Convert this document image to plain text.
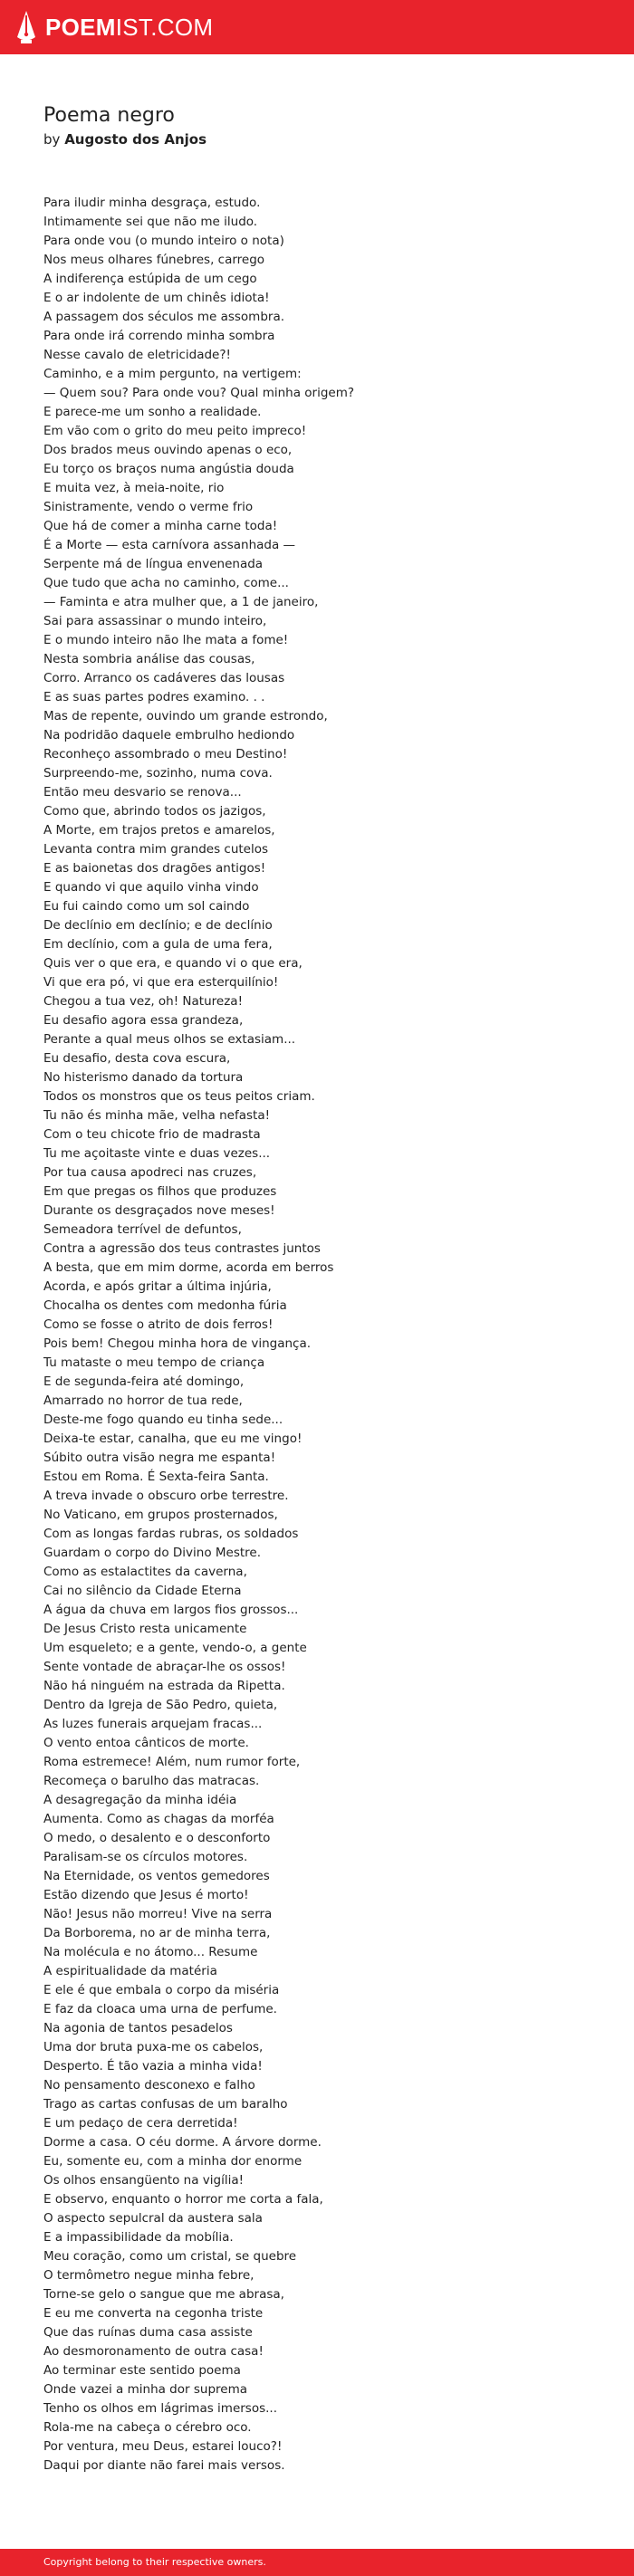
POEMIST.COM
Poema negro

by Augosto dos Anjos

Para iludir minha desgraça, estudo.
Intimamente sei que não me iludo.
Para onde vou (o mundo inteiro o nota)
Nos meus olhares fúnebres, carrego
A indiferença estúpida de um cego
E o ar indolente de um chinês idiota!
A passagem dos séculos me assombra.
Para onde irá correndo minha sombra
Nesse cavalo de eletricidade?!
Caminho, e a mim pergunto, na vertigem:
— Quem sou? Para onde vou? Qual minha origem?
E parece-me um sonho a realidade.
Em vão com o grito do meu peito impreco!
Dos brados meus ouvindo apenas o eco,
Eu torço os braços numa angústia douda
E muita vez, à meia-noite, rio
Sinistramente, vendo o verme frio
Que há de comer a minha carne toda!
É a Morte — esta carnívora assanhada —
Serpente má de língua envenenada
Que tudo que acha no caminho, come...
— Faminta e atra mulher que, a 1 de janeiro,
Sai para assassinar o mundo inteiro,
E o mundo inteiro não lhe mata a fome!
Nesta sombria análise das cousas,
Corro. Arranco os cadáveres das lousas
E as suas partes podres examino. . .
Mas de repente, ouvindo um grande estrondo,
Na podridão daquele embrulho hediondo
Reconheço assombrado o meu Destino!
Surpreendo-me, sozinho, numa cova.
Então meu desvario se renova...
Como que, abrindo todos os jazigos,
A Morte, em trajos pretos e amarelos,
Levanta contra mim grandes cutelos
E as baionetas dos dragões antigos!
E quando vi que aquilo vinha vindo
Eu fui caindo como um sol caindo
De declínio em declínio; e de declínio
Em declínio, com a gula de uma fera,
Quis ver o que era, e quando vi o que era,
Vi que era pó, vi que era esterquilínio!
Chegou a tua vez, oh! Natureza!
Eu desafio agora essa grandeza,
Perante a qual meus olhos se extasiam...
Eu desafio, desta cova escura,
No histerismo danado da tortura
Todos os monstros que os teus peitos criam.
Tu não és minha mãe, velha nefasta!
Com o teu chicote frio de madrasta
Tu me açoitaste vinte e duas vezes...
Por tua causa apodreci nas cruzes,
Em que pregas os filhos que produzes
Durante os desgraçados nove meses!
Semeadora terrível de defuntos,
Contra a agressão dos teus contrastes juntos
A besta, que em mim dorme, acorda em berros
Acorda, e após gritar a última injúria,
Chocalha os dentes com medonha fúria
Como se fosse o atrito de dois ferros!
Pois bem! Chegou minha hora de vingança.
Tu mataste o meu tempo de criança
E de segunda-feira até domingo,
Amarrado no horror de tua rede,
Deste-me fogo quando eu tinha sede...
Deixa-te estar, canalha, que eu me vingo!
Súbito outra visão negra me espanta!
Estou em Roma. É Sexta-feira Santa.
A treva invade o obscuro orbe terrestre.
No Vaticano, em grupos prosternados,
Com as longas fardas rubras, os soldados
Guardam o corpo do Divino Mestre.
Como as estalactites da caverna,
Cai no silêncio da Cidade Eterna
A água da chuva em largos fios grossos...
De Jesus Cristo resta unicamente
Um esqueleto; e a gente, vendo-o, a gente
Sente vontade de abraçar-lhe os ossos!
Não há ninguém na estrada da Ripetta.
Dentro da Igreja de São Pedro, quieta,
As luzes funerais arquejam fracas...
O vento entoa cânticos de morte.
Roma estremece! Além, num rumor forte,
Recomeça o barulho das matracas.
A desagregação da minha idéia
Aumenta. Como as chagas da morféa
O medo, o desalento e o desconforto
Paralisam-se os círculos motores.
Na Eternidade, os ventos gemedores
Estão dizendo que Jesus é morto!
Não! Jesus não morreu! Vive na serra
Da Borborema, no ar de minha terra,
Na molécula e no átomo... Resume
A espiritualidade da matéria
E ele é que embala o corpo da miséria
E faz da cloaca uma urna de perfume.
Na agonia de tantos pesadelos
Uma dor bruta puxa-me os cabelos,
Desperto. É tão vazia a minha vida!
No pensamento desconexo e falho
Trago as cartas confusas de um baralho
E um pedaço de cera derretida!
Dorme a casa. O céu dorme. A árvore dorme.
Eu, somente eu, com a minha dor enorme
Os olhos ensangüento na vigília!
E observo, enquanto o horror me corta a fala,
O aspecto sepulcral da austera sala
E a impassibilidade da mobília.
Meu coração, como um cristal, se quebre
O termômetro negue minha febre,
Torne-se gelo o sangue que me abrasa,
E eu me converta na cegonha triste
Que das ruínas duma casa assiste
Ao desmoronamento de outra casa!
Ao terminar este sentido poema
Onde vazei a minha dor suprema
Tenho os olhos em lágrimas imersos...
Rola-me na cabeça o cérebro oco.
Por ventura, meu Deus, estarei louco?!
Daqui por diante não farei mais versos.
Copyright belong to their respective owners.
